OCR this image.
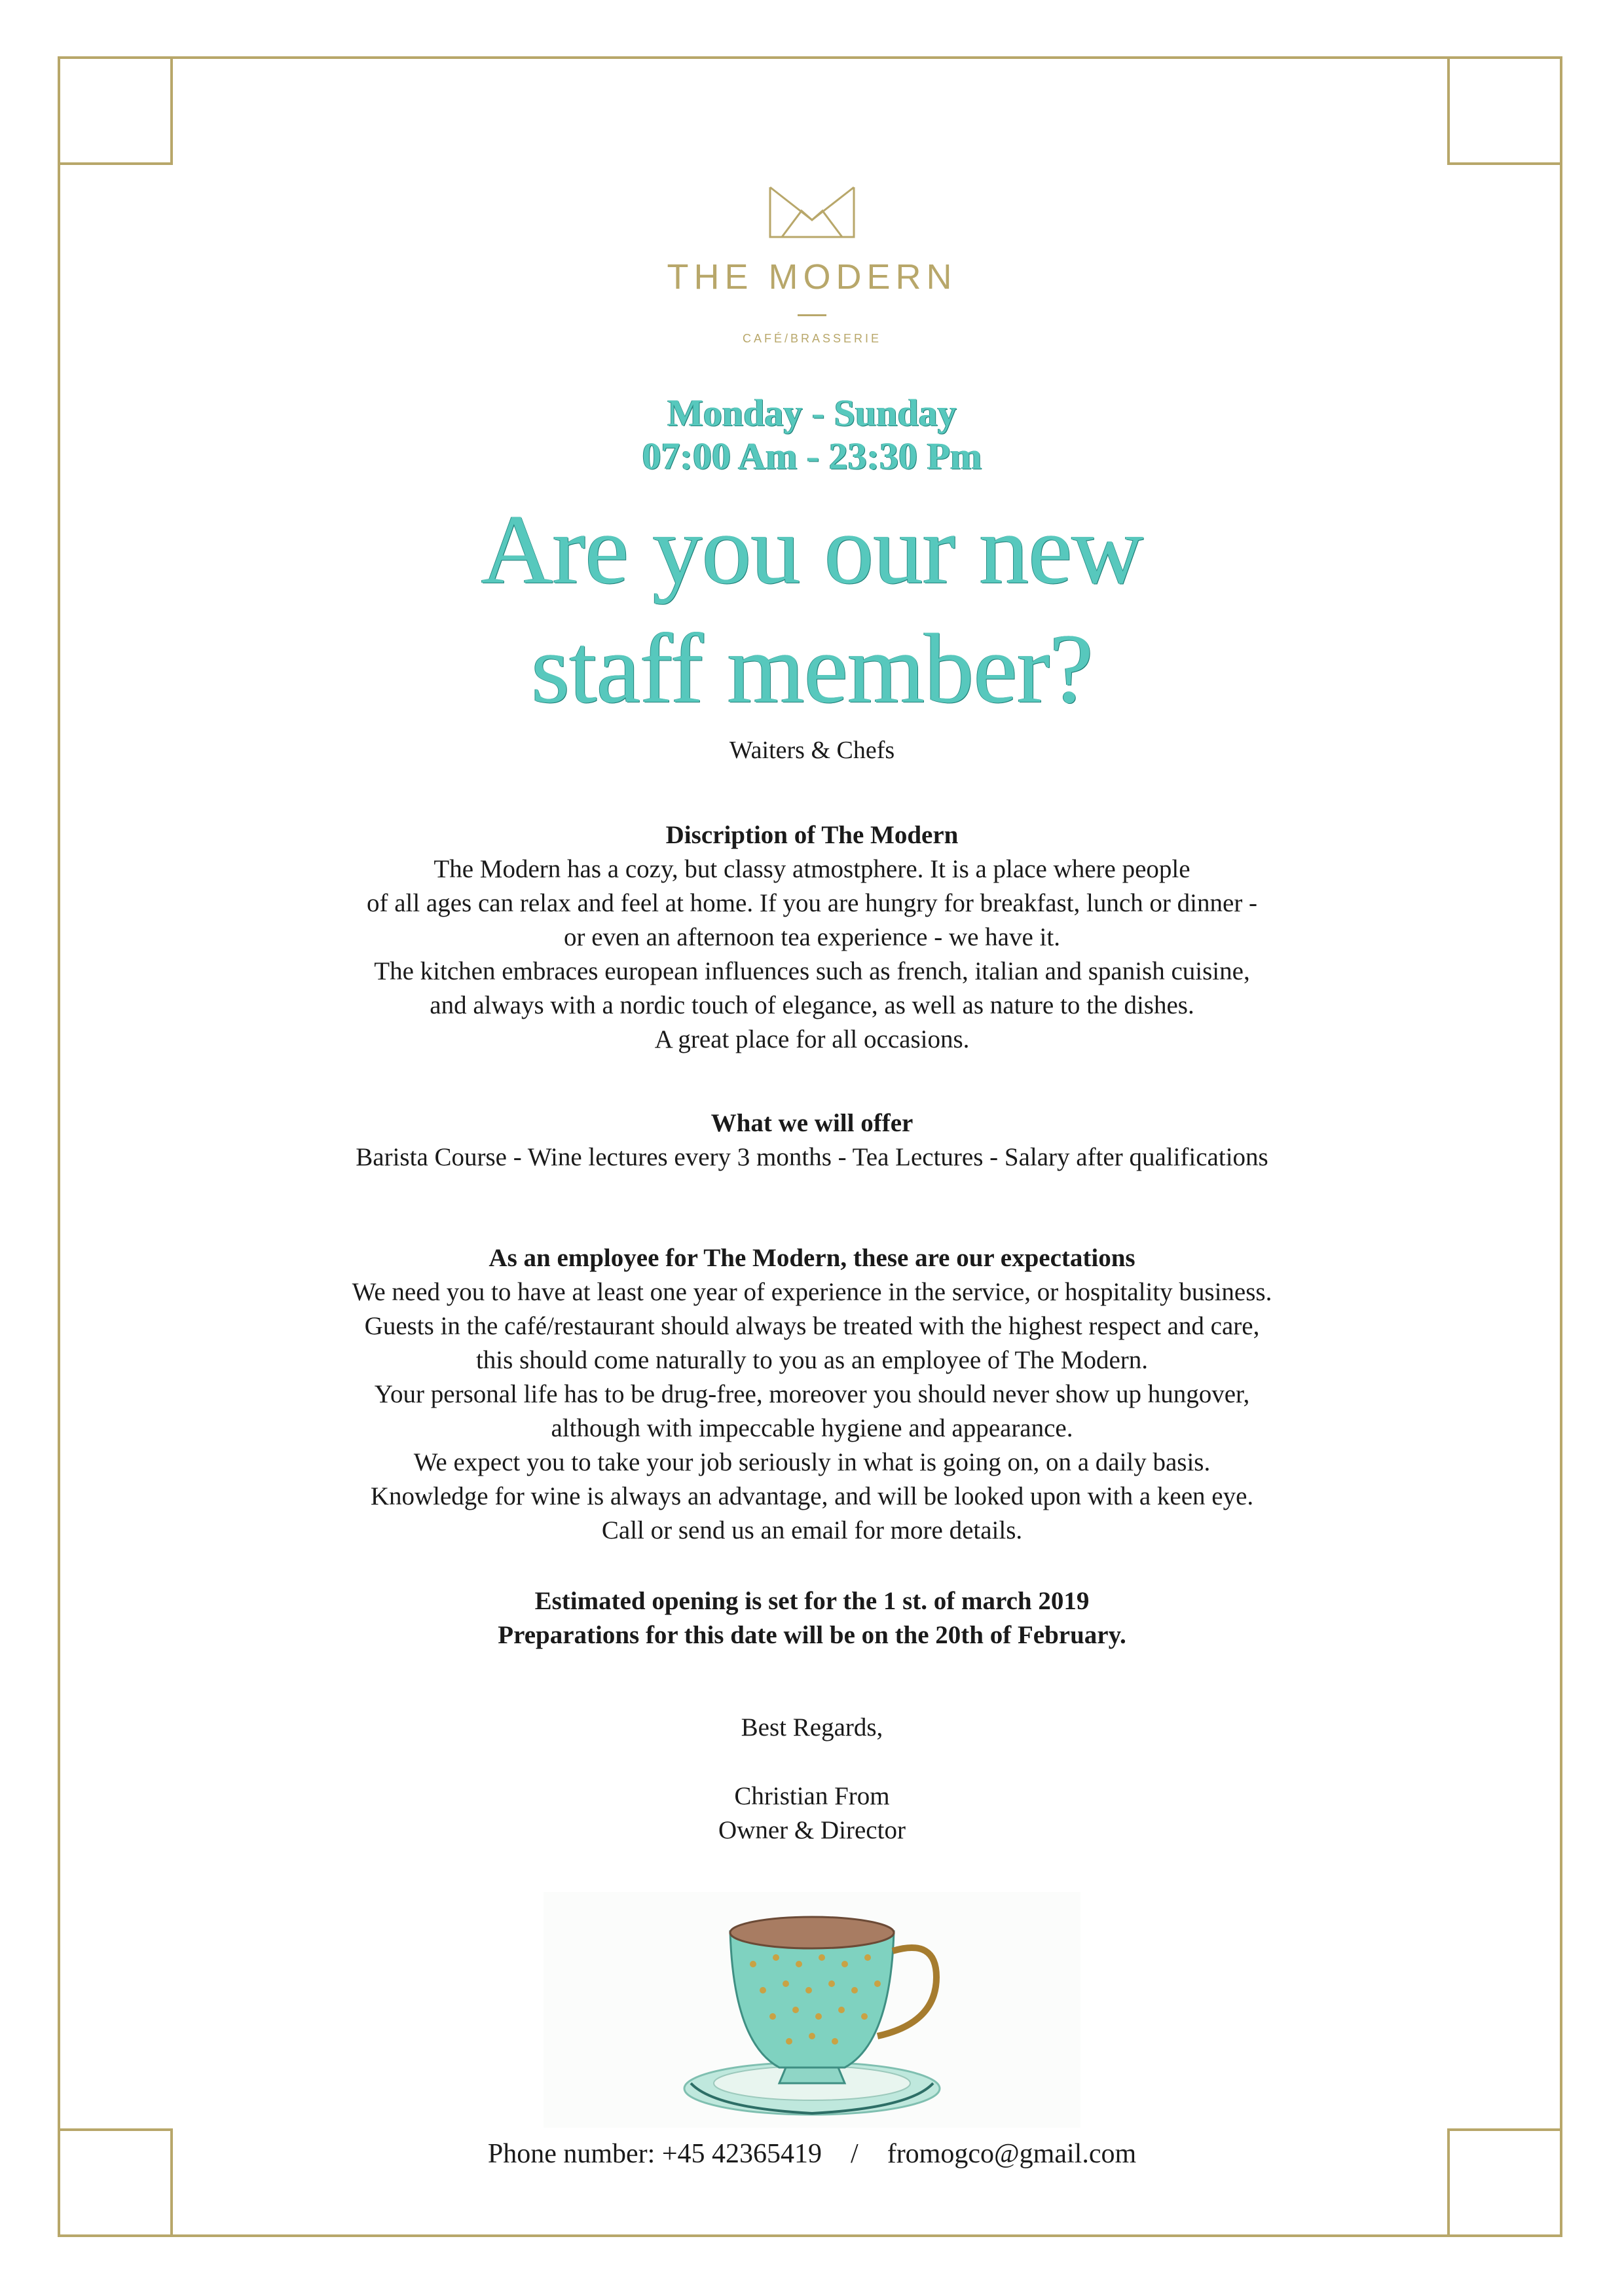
THE MODERN
CAFÉ/BRASSERIE
Monday - Sunday
07:00 Am - 23:30 Pm
Are you our new
staff member?
Waiters & Chefs
Discription of The Modern
The Modern has a cozy, but classy atmostphere. It is a place where people
of all ages can relax and feel at home. If you are hungry for breakfast, lunch or dinner -
or even an afternoon tea experience - we have it.
The kitchen embraces european influences such as french, italian and spanish cuisine,
and always with a nordic touch of elegance, as well as nature to the dishes.
A great place for all occasions.
What we will offer
Barista Course - Wine lectures every 3 months - Tea Lectures - Salary after qualifications
As an employee for The Modern, these are our expectations
We need you to have at least one year of experience in the service, or hospitality business.
Guests in the café/restaurant should always be treated with the highest respect and care,
this should come naturally to you as an employee of The Modern.
Your personal life has to be drug-free, moreover you should never show up hungover,
although with impeccable hygiene and appearance.
We expect you to take your job seriously in what is going on, on a daily basis.
Knowledge for wine is always an advantage, and will be looked upon with a keen eye.
Call or send us an email for more details.
Estimated opening is set for the 1 st. of march 2019
Preparations for this date will be on the 20th of February.
Best Regards,
Christian From
Owner & Director
Phone number: +45 42365419 / fromogco@gmail.com
